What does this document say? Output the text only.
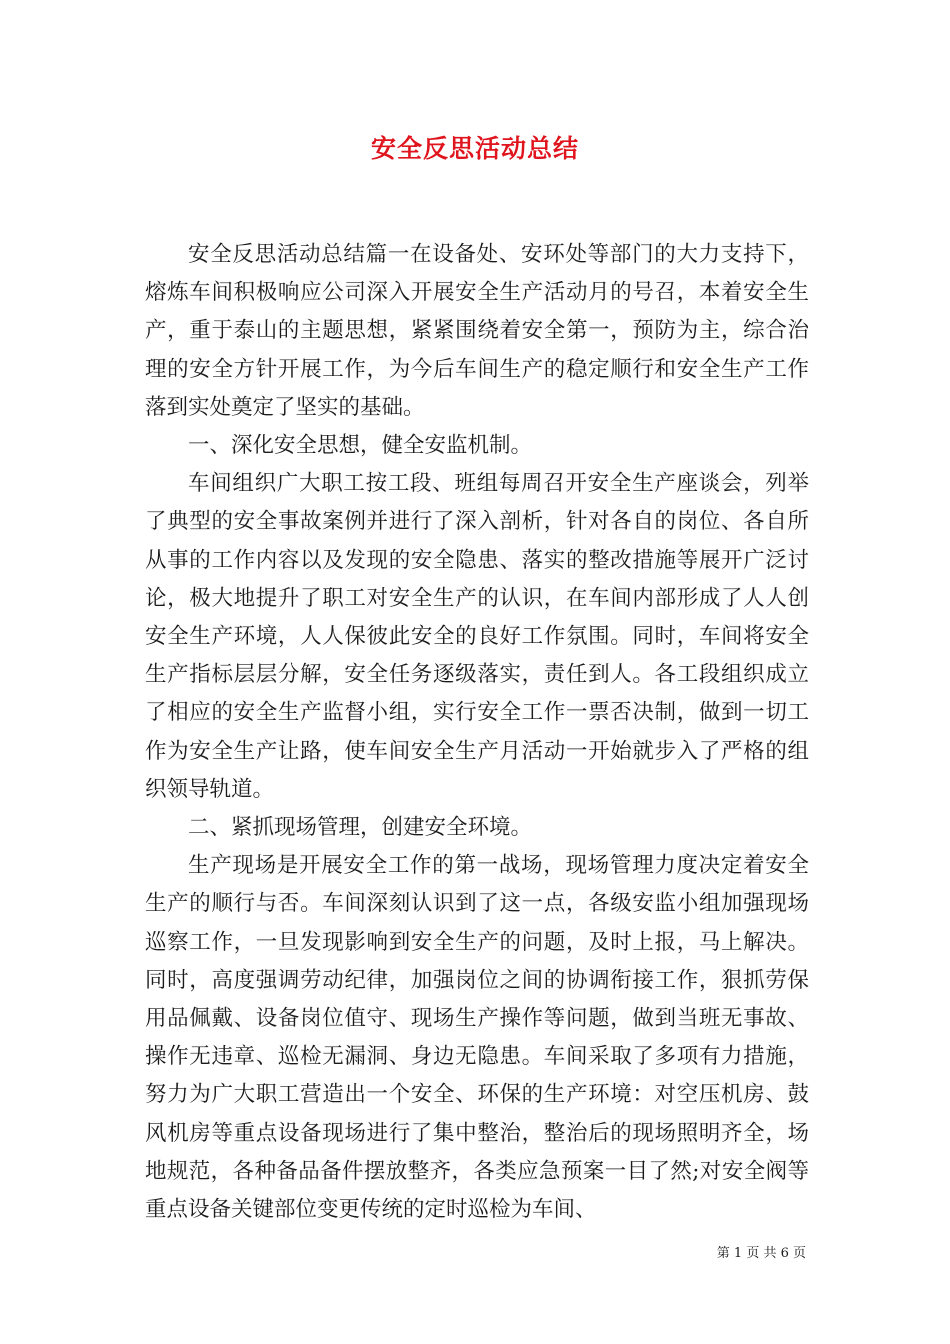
安全反思活动总结

安全反思活动总结篇一在设备处、安环处等部门的大力支持下，熔炼车间积极响应公司深入开展安全生产活动月的号召，本着安全生产，重于泰山的主题思想，紧紧围绕着安全第一，预防为主，综合治理的安全方针开展工作，为今后车间生产的稳定顺行和安全生产工作落到实处奠定了坚实的基础。

一、深化安全思想，健全安监机制。

车间组织广大职工按工段、班组每周召开安全生产座谈会，列举了典型的安全事故案例并进行了深入剖析，针对各自的岗位、各自所从事的工作内容以及发现的安全隐患、落实的整改措施等展开广泛讨论，极大地提升了职工对安全生产的认识，在车间内部形成了人人创安全生产环境，人人保彼此安全的良好工作氛围。同时，车间将安全生产指标层层分解，安全任务逐级落实，责任到人。各工段组织成立了相应的安全生产监督小组，实行安全工作一票否决制，做到一切工作为安全生产让路，使车间安全生产月活动一开始就步入了严格的组织领导轨道。

二、紧抓现场管理，创建安全环境。

生产现场是开展安全工作的第一战场，现场管理力度决定着安全生产的顺行与否。车间深刻认识到了这一点，各级安监小组加强现场巡察工作，一旦发现影响到安全生产的问题，及时上报，马上解决。同时，高度强调劳动纪律，加强岗位之间的协调衔接工作，狠抓劳保用品佩戴、设备岗位值守、现场生产操作等问题，做到当班无事故、操作无违章、巡检无漏洞、身边无隐患。车间采取了多项有力措施，努力为广大职工营造出一个安全、环保的生产环境：对空压机房、鼓风机房等重点设备现场进行了集中整治，整治后的现场照明齐全，场地规范，各种备品备件摆放整齐，各类应急预案一目了然;对安全阀等重点设备关键部位变更传统的定时巡检为车间、

第 1 页 共 6 页
